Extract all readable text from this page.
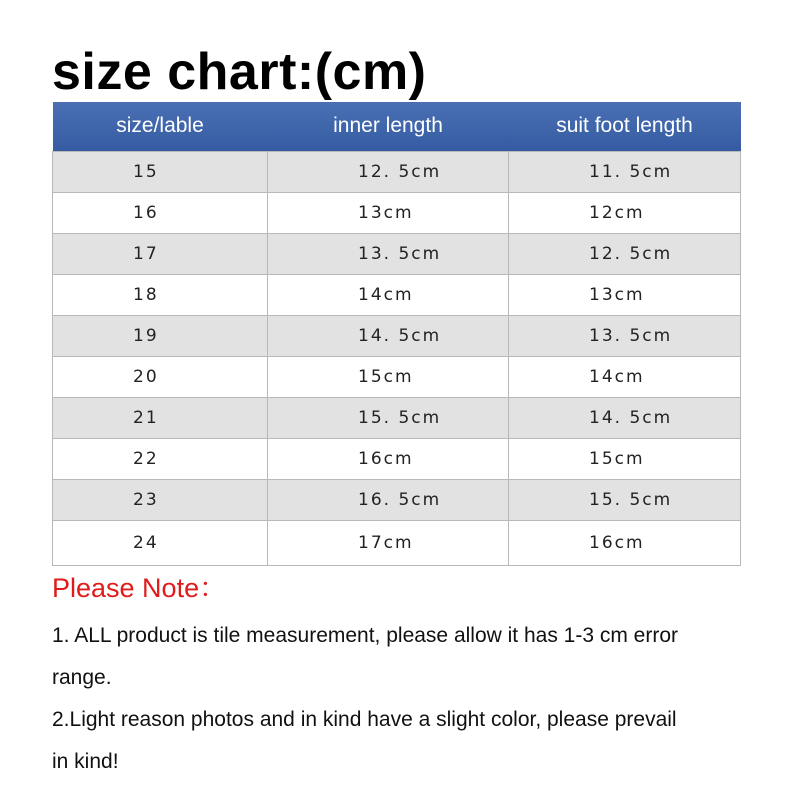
size chart:(cm)
size/lable	inner length	suit foot length
15	12. 5cm	11. 5cm
16	13cm	12cm
17	13. 5cm	12. 5cm
18	14cm	13cm
19	14. 5cm	13. 5cm
20	15cm	14cm
21	15. 5cm	14. 5cm
22	16cm	15cm
23	16. 5cm	15. 5cm
24	17cm	16cm
Please Note：
1. ALL product is tile measurement, please allow it has 1-3 cm error
range.
2.Light reason photos and in kind have a slight color, please prevail
in kind!
